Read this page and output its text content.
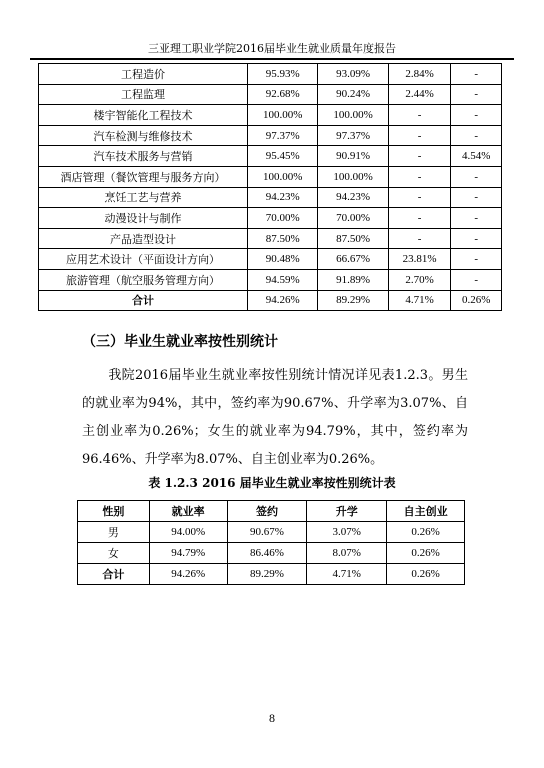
三亚理工职业学院2016届毕业生就业质量年度报告
工程造价	95.93%	93.09%	2.84%	-
工程监理	92.68%	90.24%	2.44%	-
楼宇智能化工程技术	100.00%	100.00%	-	-
汽车检测与维修技术	97.37%	97.37%	-	-
汽车技术服务与营销	95.45%	90.91%	-	4.54%
酒店管理（餐饮管理与服务方向）	100.00%	100.00%	-	-
烹饪工艺与营养	94.23%	94.23%	-	-
动漫设计与制作	70.00%	70.00%	-	-
产品造型设计	87.50%	87.50%	-	-
应用艺术设计（平面设计方向）	90.48%	66.67%	23.81%	-
旅游管理（航空服务管理方向）	94.59%	91.89%	2.70%	-
合计	94.26%	89.29%	4.71%	0.26%
（三）毕业生就业率按性别统计
我院2016届毕业生就业率按性别统计情况详见表1.2.3。男生的就业率为94%，其中，签约率为90.67%、升学率为3.07%、自主创业率为0.26%；女生的就业率为94.79%，其中，签约率为96.46%、升学率为8.07%、自主创业率为0.26%。
表 1.2.3 2016 届毕业生就业率按性别统计表
性别	就业率	签约	升学	自主创业
男	94.00%	90.67%	3.07%	0.26%
女	94.79%	86.46%	8.07%	0.26%
合计	94.26%	89.29%	4.71%	0.26%
8
